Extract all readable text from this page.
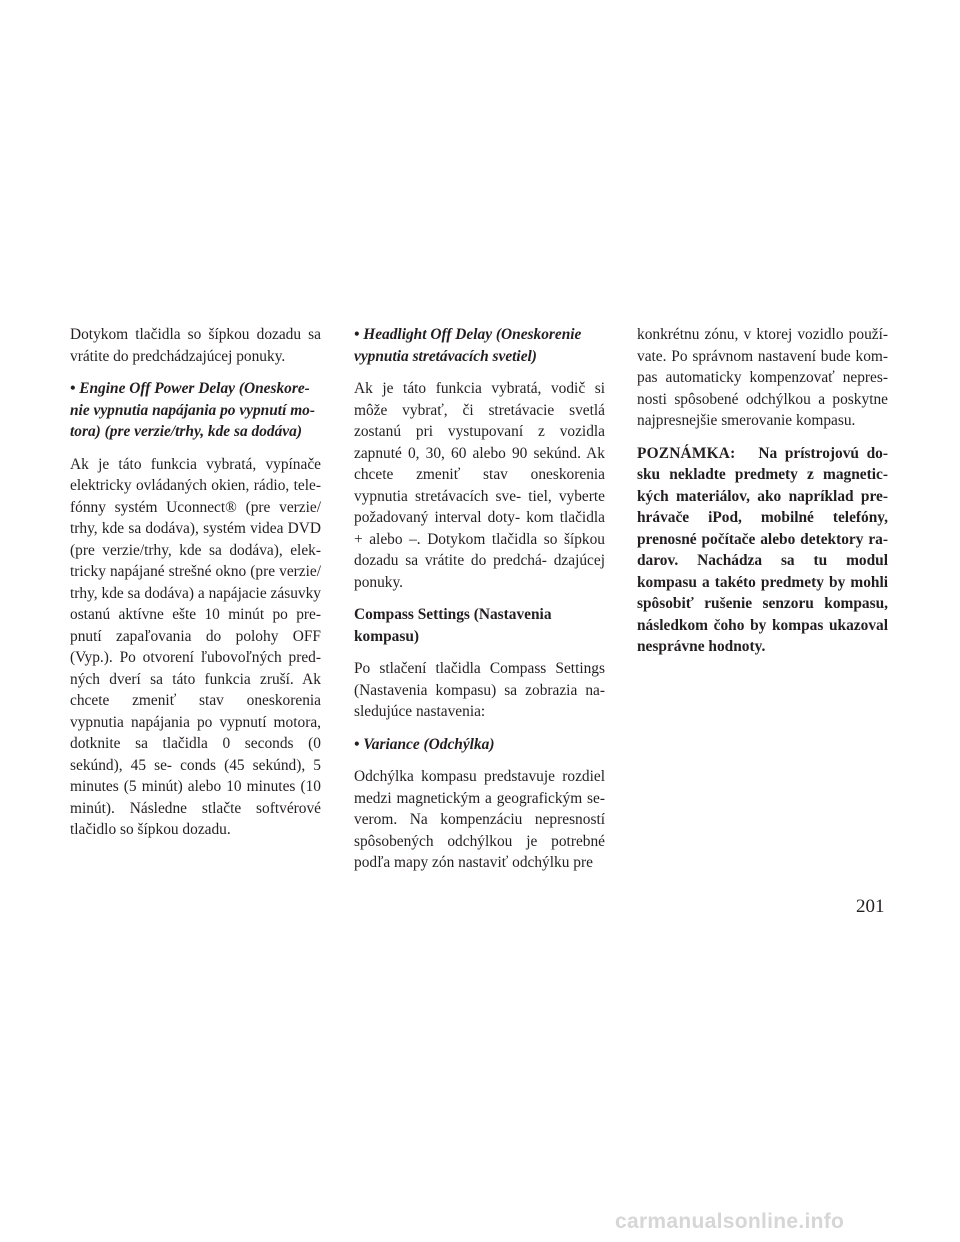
Dotykom tlačidla so šípkou dozadu sa vrátite do predchádzajúcej ponuky.

• Engine Off Power Delay (Oneskore- nie vypnutia napájania po vypnutí mo- tora) (pre verzie/trhy, kde sa dodáva)

Ak je táto funkcia vybratá, vypínače elektricky ovládaných okien, rádio, tele- fónny systém Uconnect® (pre verzie/ trhy, kde sa dodáva), systém videa DVD (pre verzie/trhy, kde sa dodáva), elek- tricky napájané strešné okno (pre verzie/ trhy, kde sa dodáva) a napájacie zásuvky ostanú aktívne ešte 10 minút po pre- pnutí zapaľovania do polohy OFF (Vyp.). Po otvorení ľubovoľných pred- ných dverí sa táto funkcia zruší. Ak chcete zmeniť stav oneskorenia vypnutia napájania po vypnutí motora, dotknite sa tlačidla 0 seconds (0 sekúnd), 45 se- conds (45 sekúnd), 5 minutes (5 minút) alebo 10 minutes (10 minút). Následne stlačte softvérové tlačidlo so šípkou dozadu.

• Headlight Off Delay (Oneskorenie vypnutia stretávacích svetiel)

Ak je táto funkcia vybratá, vodič si môže vybrať, či stretávacie svetlá zostanú pri vystupovaní z vozidla zapnuté 0, 30, 60 alebo 90 sekúnd. Ak chcete zmeniť stav oneskorenia vypnutia stretávacích sve- tiel, vyberte požadovaný interval doty- kom tlačidla + alebo –. Dotykom tlačidla so šípkou dozadu sa vrátite do predchá- dzajúcej ponuky.

Compass Settings (Nastavenia kompasu)

Po stlačení tlačidla Compass Settings (Nastavenia kompasu) sa zobrazia na- sledujúce nastavenia:

• Variance (Odchýlka)

Odchýlka kompasu predstavuje rozdiel medzi magnetickým a geografickým se- verom. Na kompenzáciu nepresností spôsobených odchýlkou je potrebné podľa mapy zón nastaviť odchýlku pre

konkrétnu zónu, v ktorej vozidlo použí- vate. Po správnom nastavení bude kom- pas automaticky kompenzovať nepres- nosti spôsobené odchýlkou a poskytne najpresnejšie smerovanie kompasu.

POZNÁMKA: Na prístrojovú do- sku nekladte predmety z magnetic- kých materiálov, ako napríklad pre- hrávače iPod, mobilné telefóny, prenosné počítače alebo detektory ra- darov. Nachádza sa tu modul kompasu a takéto predmety by mohli spôsobiť rušenie senzoru kompasu, následkom čoho by kompas ukazoval nesprávne hodnoty.

201
carmanualsonline.info
